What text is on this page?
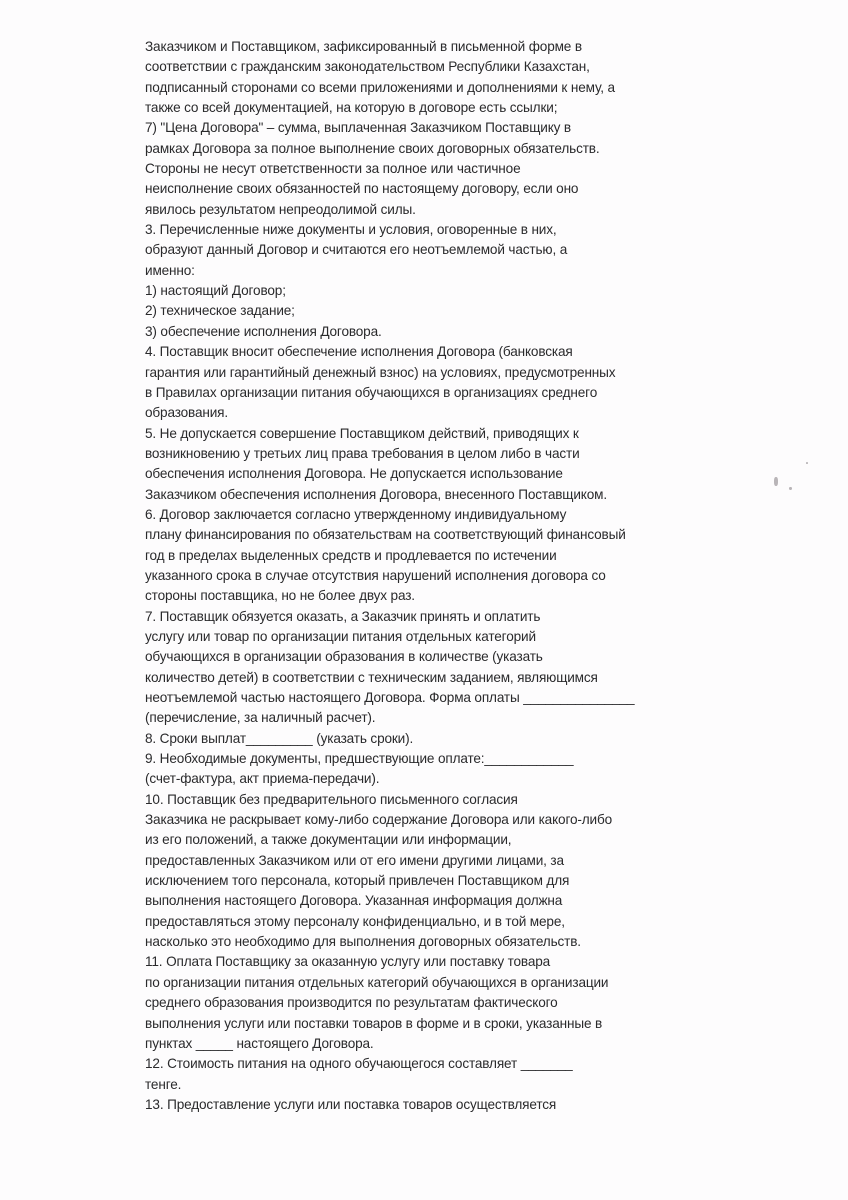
Заказчиком и Поставщиком, зафиксированный в письменной форме в
соответствии с гражданским законодательством Республики Казахстан,
подписанный сторонами со всеми приложениями и дополнениями к нему, а
также со всей документацией, на которую в договоре есть ссылки;
7) "Цена Договора" – сумма, выплаченная Заказчиком Поставщику в
рамках Договора за полное выполнение своих договорных обязательств.
Стороны не несут ответственности за полное или частичное
неисполнение своих обязанностей по настоящему договору, если оно
явилось результатом непреодолимой силы.
3. Перечисленные ниже документы и условия, оговоренные в них,
образуют данный Договор и считаются его неотъемлемой частью, а
именно:
1) настоящий Договор;
2) техническое задание;
3) обеспечение исполнения Договора.
4. Поставщик вносит обеспечение исполнения Договора (банковская
гарантия или гарантийный денежный взнос) на условиях, предусмотренных
в Правилах организации питания обучающихся в организациях среднего
образования.
5. Не допускается совершение Поставщиком действий, приводящих к
возникновению у третьих лиц права требования в целом либо в части
обеспечения исполнения Договора. Не допускается использование
Заказчиком обеспечения исполнения Договора, внесенного Поставщиком.
6. Договор заключается согласно утвержденному индивидуальному
плану финансирования по обязательствам на соответствующий финансовый
год в пределах выделенных средств и продлевается по истечении
указанного срока в случае отсутствия нарушений исполнения договора со
стороны поставщика, но не более двух раз.
7. Поставщик обязуется оказать, а Заказчик принять и оплатить
услугу или товар по организации питания отдельных категорий
обучающихся в организации образования в количестве (указать
количество детей) в соответствии с техническим заданием, являющимся
неотъемлемой частью настоящего Договора. Форма оплаты _______________
(перечисление, за наличный расчет).
8. Сроки выплат_________ (указать сроки).
9. Необходимые документы, предшествующие оплате:____________
(счет-фактура, акт приема-передачи).
10. Поставщик без предварительного письменного согласия
Заказчика не раскрывает кому-либо содержание Договора или какого-либо
из его положений, а также документации или информации,
предоставленных Заказчиком или от его имени другими лицами, за
исключением того персонала, который привлечен Поставщиком для
выполнения настоящего Договора. Указанная информация должна
предоставляться этому персоналу конфиденциально, и в той мере,
насколько это необходимо для выполнения договорных обязательств.
11. Оплата Поставщику за оказанную услугу или поставку товара
по организации питания отдельных категорий обучающихся в организации
среднего образования производится по результатам фактического
выполнения услуги или поставки товаров в форме и в сроки, указанные в
пунктах _____ настоящего Договора.
12. Стоимость питания на одного обучающегося составляет _______
тенге.
13. Предоставление услуги или поставка товаров осуществляется
